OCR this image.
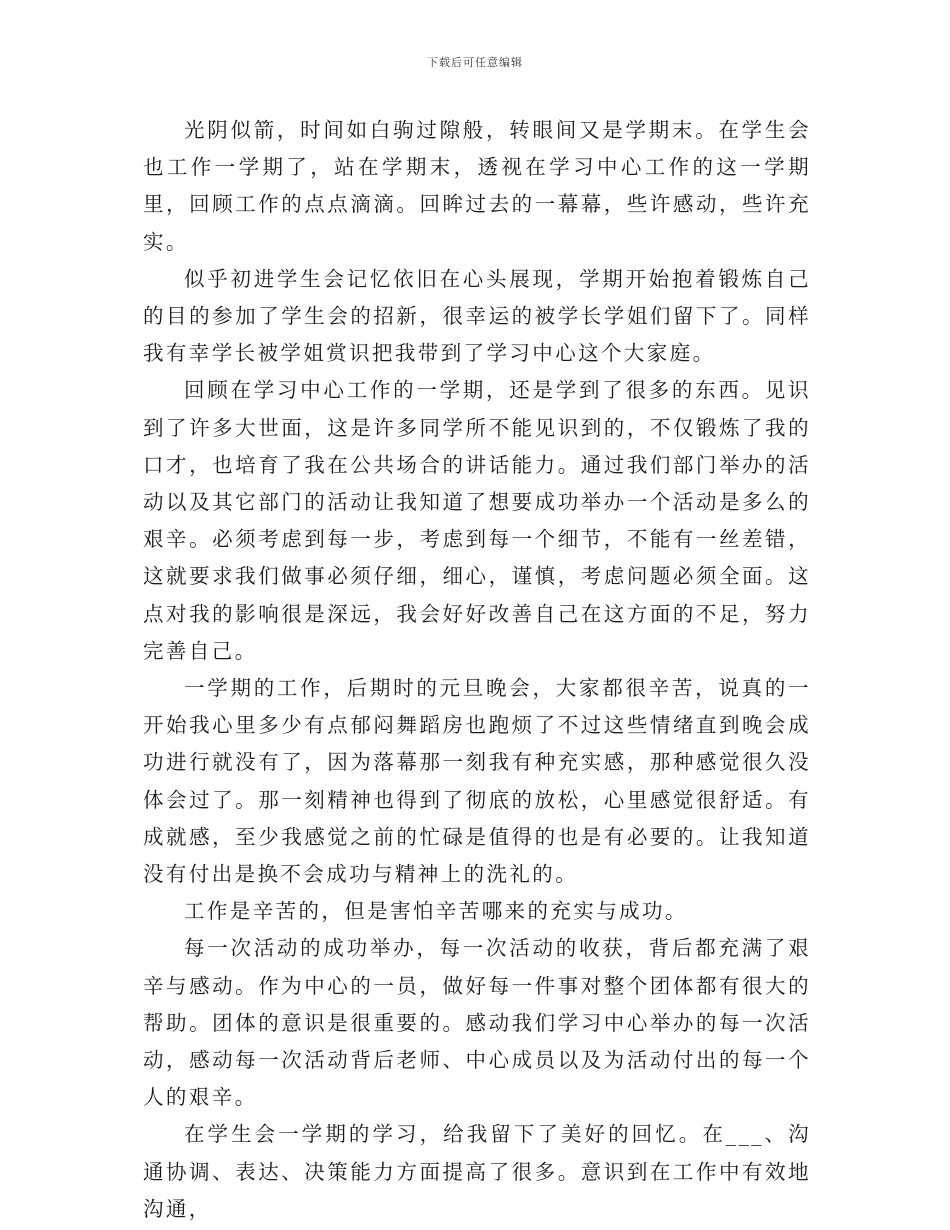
下载后可任意编辑

光阴似箭，时间如白驹过隙般，转眼间又是学期末。在学生会也工作一学期了，站在学期末，透视在学习中心工作的这一学期里，回顾工作的点点滴滴。回眸过去的一幕幕，些许感动，些许充实。

似乎初进学生会记忆依旧在心头展现，学期开始抱着锻炼自己的目的参加了学生会的招新，很幸运的被学长学姐们留下了。同样我有幸学长被学姐赏识把我带到了学习中心这个大家庭。

回顾在学习中心工作的一学期，还是学到了很多的东西。见识到了许多大世面，这是许多同学所不能见识到的，不仅锻炼了我的口才，也培育了我在公共场合的讲话能力。通过我们部门举办的活动以及其它部门的活动让我知道了想要成功举办一个活动是多么的艰辛。必须考虑到每一步，考虑到每一个细节，不能有一丝差错，这就要求我们做事必须仔细，细心，谨慎，考虑问题必须全面。这点对我的影响很是深远，我会好好改善自己在这方面的不足，努力完善自己。

一学期的工作，后期时的元旦晚会，大家都很辛苦，说真的一开始我心里多少有点郁闷舞蹈房也跑烦了不过这些情绪直到晚会成功进行就没有了，因为落幕那一刻我有种充实感，那种感觉很久没体会过了。那一刻精神也得到了彻底的放松，心里感觉很舒适。有成就感，至少我感觉之前的忙碌是值得的也是有必要的。让我知道没有付出是换不会成功与精神上的洗礼的。

工作是辛苦的，但是害怕辛苦哪来的充实与成功。

每一次活动的成功举办，每一次活动的收获，背后都充满了艰辛与感动。作为中心的一员，做好每一件事对整个团体都有很大的帮助。团体的意识是很重要的。感动我们学习中心举办的每一次活动，感动每一次活动背后老师、中心成员以及为活动付出的每一个人的艰辛。

在学生会一学期的学习，给我留下了美好的回忆。在___、沟通协调、表达、决策能力方面提高了很多。意识到在工作中有效地沟通，
